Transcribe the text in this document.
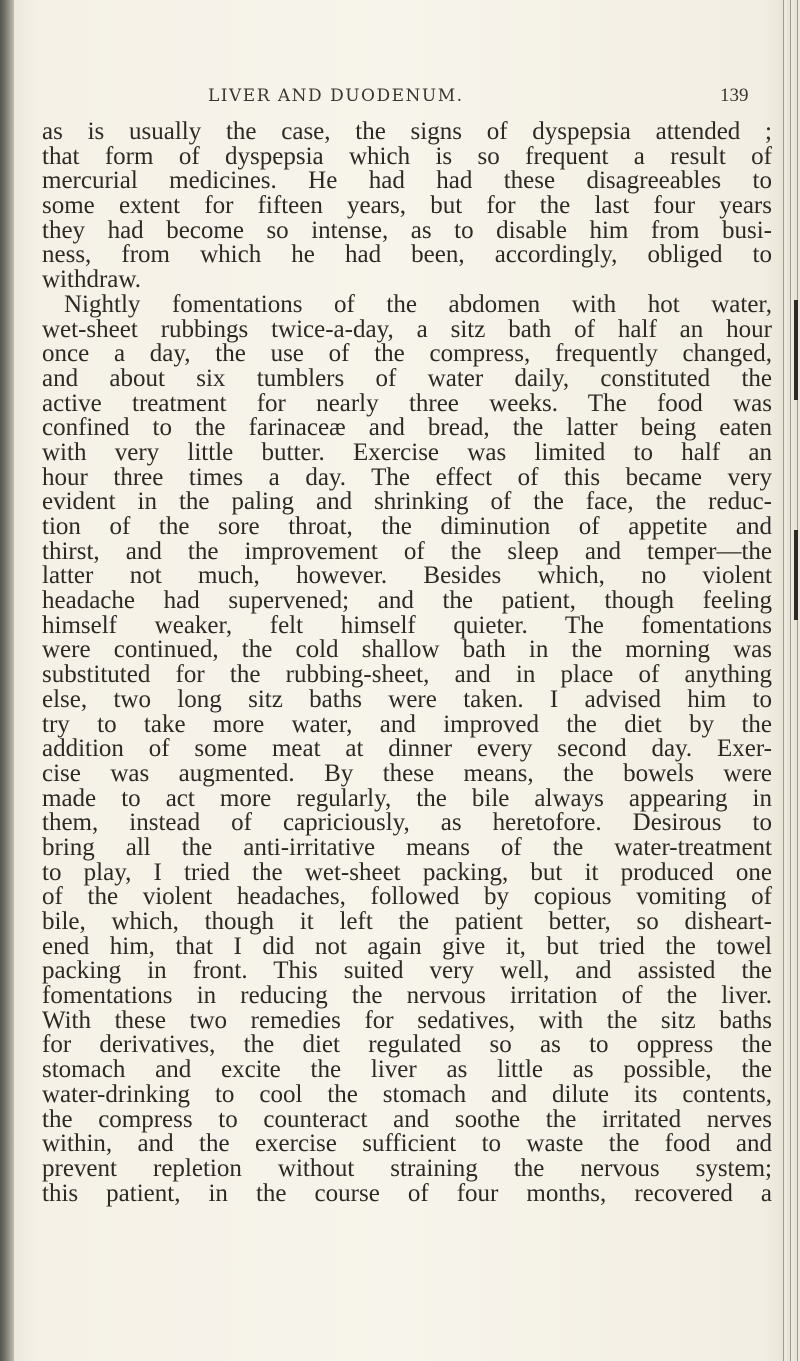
LIVER AND DUODENUM.	139
as is usually the case, the signs of dyspepsia attended ;
that form of dyspepsia which is so frequent a result of
mercurial medicines. He had had these disagreeables to
some extent for fifteen years, but for the last four years
they had become so intense, as to disable him from busi-
ness, from which he had been, accordingly, obliged to
withdraw.
Nightly fomentations of the abdomen with hot water,
wet-sheet rubbings twice-a-day, a sitz bath of half an hour
once a day, the use of the compress, frequently changed,
and about six tumblers of water daily, constituted the
active treatment for nearly three weeks. The food was
confined to the farinaceæ and bread, the latter being eaten
with very little butter. Exercise was limited to half an
hour three times a day. The effect of this became very
evident in the paling and shrinking of the face, the reduc-
tion of the sore throat, the diminution of appetite and
thirst, and the improvement of the sleep and temper—the
latter not much, however. Besides which, no violent
headache had supervened; and the patient, though feeling
himself weaker, felt himself quieter. The fomentations
were continued, the cold shallow bath in the morning was
substituted for the rubbing-sheet, and in place of anything
else, two long sitz baths were taken. I advised him to
try to take more water, and improved the diet by the
addition of some meat at dinner every second day. Exer-
cise was augmented. By these means, the bowels were
made to act more regularly, the bile always appearing in
them, instead of capriciously, as heretofore. Desirous to
bring all the anti-irritative means of the water-treatment
to play, I tried the wet-sheet packing, but it produced one
of the violent headaches, followed by copious vomiting of
bile, which, though it left the patient better, so disheart-
ened him, that I did not again give it, but tried the towel
packing in front. This suited very well, and assisted the
fomentations in reducing the nervous irritation of the liver.
With these two remedies for sedatives, with the sitz baths
for derivatives, the diet regulated so as to oppress the
stomach and excite the liver as little as possible, the
water-drinking to cool the stomach and dilute its contents,
the compress to counteract and soothe the irritated nerves
within, and the exercise sufficient to waste the food and
prevent repletion without straining the nervous system;
this patient, in the course of four months, recovered a
